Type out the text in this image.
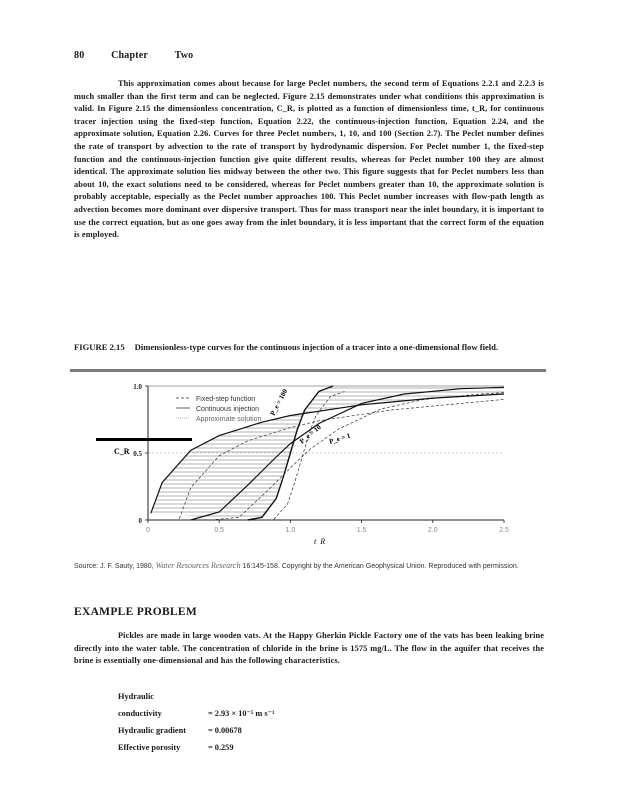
80	Chapter	Two
This approximation comes about because for large Peclet numbers, the second term of Equations 2.2.1 and 2.2.3 is much smaller than the first term and can be neglected. Figure 2.15 demonstrates under what conditions this approximation is valid. In Figure 2.15 the dimensionless concentration, C_R, is plotted as a function of dimensionless time, t_R, for continuous tracer injection using the fixed-step function, Equation 2.22, the continuous-injection function, Equation 2.24, and the approximate solution, Equation 2.26. Curves for three Peclet numbers, 1, 10, and 100 (Section 2.7). The Peclet number defines the rate of transport by advection to the rate of transport by hydrodynamic dispersion. For Peclet number 1, the fixed-step function and the continuous-injection function give quite different results, whereas for Peclet number 100 they are almost identical. The approximate solution lies midway between the other two. This figure suggests that for Peclet numbers less than about 10, the exact solutions need to be considered, whereas for Peclet numbers greater than 10, the approximate solution is probably acceptable, especially as the Peclet number approaches 100. This Peclet number increases with flow-path length as advection becomes more dominant over dispersive transport. Thus for mass transport near the inlet boundary, it is important to use the correct equation, but as one goes away from the inlet boundary, it is less important that the correct form of the equation is employed.
FIGURE 2.15 Dimensionless-type curves for the continuous injection of a tracer into a one-dimensional flow field.
0	0.5	1.0	1.5	2.0	2.5
0
0.5
1.0
Fixed-step function
Continuous injection
Approximate solution
C_R
t_R
P_e = 100
P_e = 10 P_e = 1
Source: J. F. Sauty, 1980, Water Resources Research 16:145-158. Copyright by the American Geophysical Union. Reproduced with permission.
EXAMPLE PROBLEM
Pickles are made in large wooden vats. At the Happy Gherkin Pickle Factory one of the vats has been leaking brine directly into the water table. The concentration of chloride in the brine is 1575 mg/L. The flow in the aquifer that receives the brine is essentially one-dimensional and has the following characteristics.
Hydraulic conductivity	= 2.93 × 10⁻⁵ m s⁻¹
Hydraulic gradient	= 0.00678
Effective porosity	= 0.259
